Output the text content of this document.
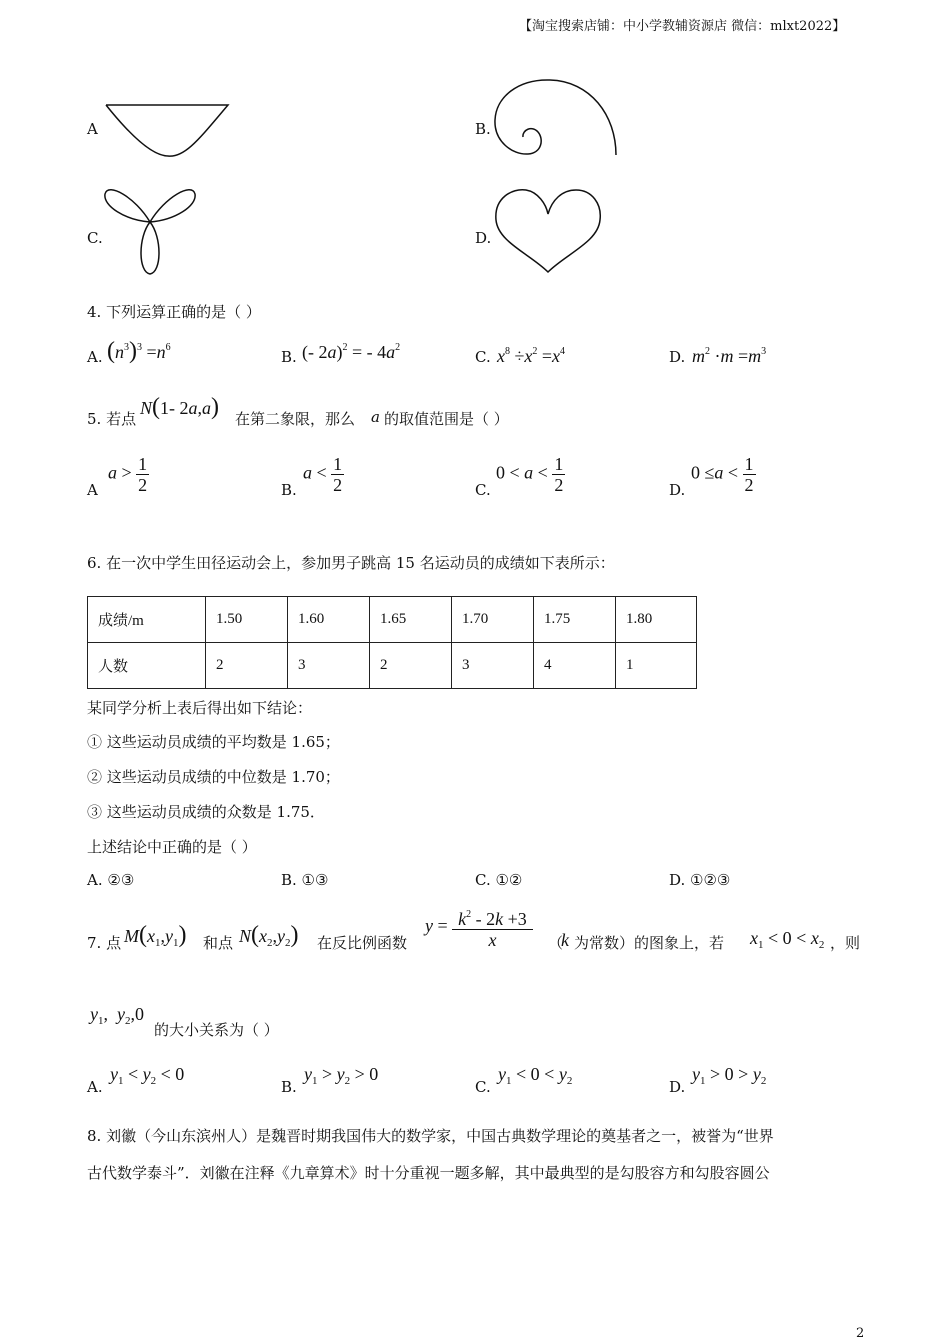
【淘宝搜索店铺：中小学教辅资源店 微信：mlxt2022】
A	B.
C.	D.
4. 下列运算正确的是（ ）
A. $(n^3)^3 =n^6$
B. (- 2a)$^2$ = - $4a^2$
C. $x^8 \div x^2 =x^4$	D. $m^2 \cdot m =m^3$
5. 若点
N(1- 2a,a) 在第二象限，那么 a 的取值范围是（ ）
A
$a > \frac{1}{2}$	B.
$a < \frac{1}{2}$	C.
$0 < a < \frac{1}{2}$	D.
$0 \le a < \frac{1}{2}$
6. 在一次中学生田径运动会上，参加男子跳高 15 名运动员的成绩如下表所示：
成绩/m	1.50	1.60	1.65	1.70	1.75	1.80
人数	2	3	2	3	4	1
某同学分析上表后得出如下结论：
① 这些运动员成绩的平均数是 1.65；
② 这些运动员成绩的中位数是 1.70；
③ 这些运动员成绩的众数是 1.75．
上述结论中正确的是（ ）
A. ②③	B. ①③	C. ①②	D. ①②③
7. 点 $M(x_1,y_1)$ 和点 $N(x_2,y_2)$ 在反比例函数
$y = \frac{k^2 - 2k +3}{x}$ （
k 为常数）的图象上，若 $x_1 < 0 < x_2$ ，则
$y_1$,  $y_2,0$
的大小关系为（ ）
A.
$y_1 < y_2 < 0$
B.
$y_1 > y_2 > 0$
C.
$y_1 < 0 < y_2$	D.
$y_1 > 0 > y_2$
8. 刘徽（今山东滨州人）是魏晋时期我国伟大的数学家，中国古典数学理论的奠基者之一，被誉为“世界
古代数学泰斗”．刘徽在注释《九章算术》时十分重视一题多解，其中最典型的是勾股容方和勾股容圆公
2
